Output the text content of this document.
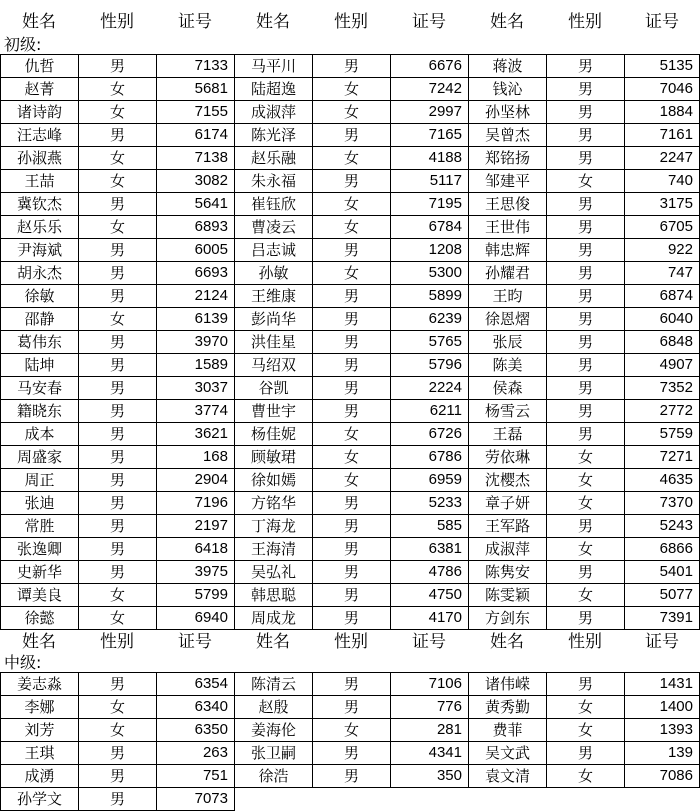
姓名	性别	证号	姓名	性别	证号	姓名	性别	证号
初级:
仇哲	男	7133	马平川	男	6676	蒋波	男	5135
赵菁	女	5681	陆超逸	女	7242	钱沁	男	7046
诸诗韵	女	7155	成淑萍	女	2997	孙坚林	男	1884
汪志峰	男	6174	陈光泽	男	7165	吴曾杰	男	7161
孙淑燕	女	7138	赵乐融	女	4188	郑铭扬	男	2247
王喆	女	3082	朱永福	男	5117	邹建平	女	740
冀钦杰	男	5641	崔钰欣	女	7195	王思俊	男	3175
赵乐乐	女	6893	曹凌云	女	6784	王世伟	男	6705
尹海斌	男	6005	吕志诚	男	1208	韩忠辉	男	922
胡永杰	男	6693	孙敏	女	5300	孙耀君	男	747
徐敏	男	2124	王维康	男	5899	王昀	男	6874
邵静	女	6139	彭尚华	男	6239	徐恩熠	男	6040
葛伟东	男	3970	洪佳星	男	5765	张辰	男	6848
陆坤	男	1589	马绍双	男	5796	陈美	男	4907
马安春	男	3037	谷凯	男	2224	侯森	男	7352
籍晓东	男	3774	曹世宇	男	6211	杨雪云	男	2772
成本	男	3621	杨佳妮	女	6726	王磊	男	5759
周盛家	男	168	顾敏珺	女	6786	劳依琳	女	7271
周正	男	2904	徐如嫣	女	6959	沈樱杰	女	4635
张迪	男	7196	方铭华	男	5233	章子妍	女	7370
常胜	男	2197	丁海龙	男	585	王军路	男	5243
张逸卿	男	6418	王海清	男	6381	成淑萍	女	6866
史新华	男	3975	吴弘礼	男	4786	陈隽安	男	5401
谭美良	女	5799	韩思聪	男	4750	陈雯颖	女	5077
徐懿	女	6940	周成龙	男	4170	方剑东	男	7391
姓名	性别	证号	姓名	性别	证号	姓名	性别	证号
中级:
姜志淼	男	6354	陈清云	男	7106	诸伟嵘	男	1431
李娜	女	6340	赵殷	男	776	黄秀勤	女	1400
刘芳	女	6350	姜海伦	女	281	费菲	女	1393
王琪	男	263	张卫嗣	男	4341	吴文武	男	139
成湧	男	751	徐浩	男	350	袁文清	女	7086
孙学文	男	7073						
